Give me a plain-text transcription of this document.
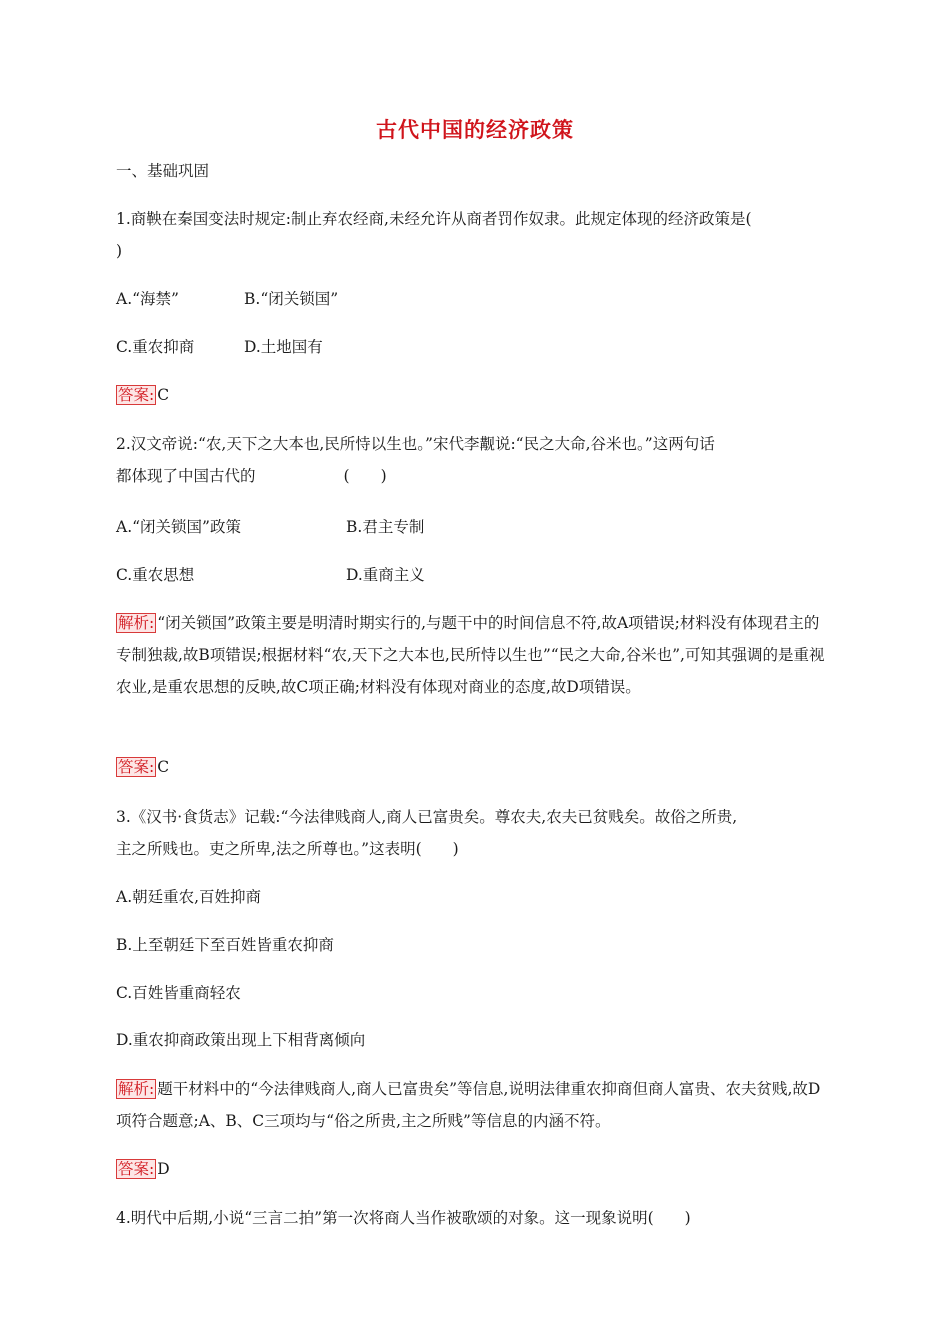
古代中国的经济政策
一、基础巩固
1.商鞅在秦国变法时规定:制止弃农经商,未经允许从商者罚作奴隶。此规定体现的经济政策是(
)
A.“海禁”	B.“闭关锁国”
C.重农抑商	D.土地国有
答案: C
2.汉文帝说:“农,天下之大本也,民所恃以生也。”宋代李觏说:“民之大命,谷米也。”这两句话
都体现了中国古代的	(　　)
A.“闭关锁国”政策	B.君主专制
C.重农思想	D.重商主义
解析: “闭关锁国”政策主要是明清时期实行的,与题干中的时间信息不符,故A项错误;材料没有体现君主的专制独裁,故B项错误;根据材料“农,天下之大本也,民所恃以生也”“民之大命,谷米也”,可知其强调的是重视农业,是重农思想的反映,故C项正确;材料没有体现对商业的态度,故D项错误。
答案: C
3.《汉书·食货志》记载:“今法律贱商人,商人已富贵矣。尊农夫,农夫已贫贱矣。故俗之所贵,
主之所贱也。吏之所卑,法之所尊也。”这表明(　　)
A.朝廷重农,百姓抑商
B.上至朝廷下至百姓皆重农抑商
C.百姓皆重商轻农
D.重农抑商政策出现上下相背离倾向
解析: 题干材料中的“今法律贱商人,商人已富贵矣”等信息,说明法律重农抑商但商人富贵、农夫贫贱,故D项符合题意;A、B、C三项均与“俗之所贵,主之所贱”等信息的内涵不符。
答案: D
4.明代中后期,小说“三言二拍”第一次将商人当作被歌颂的对象。这一现象说明(　　)
